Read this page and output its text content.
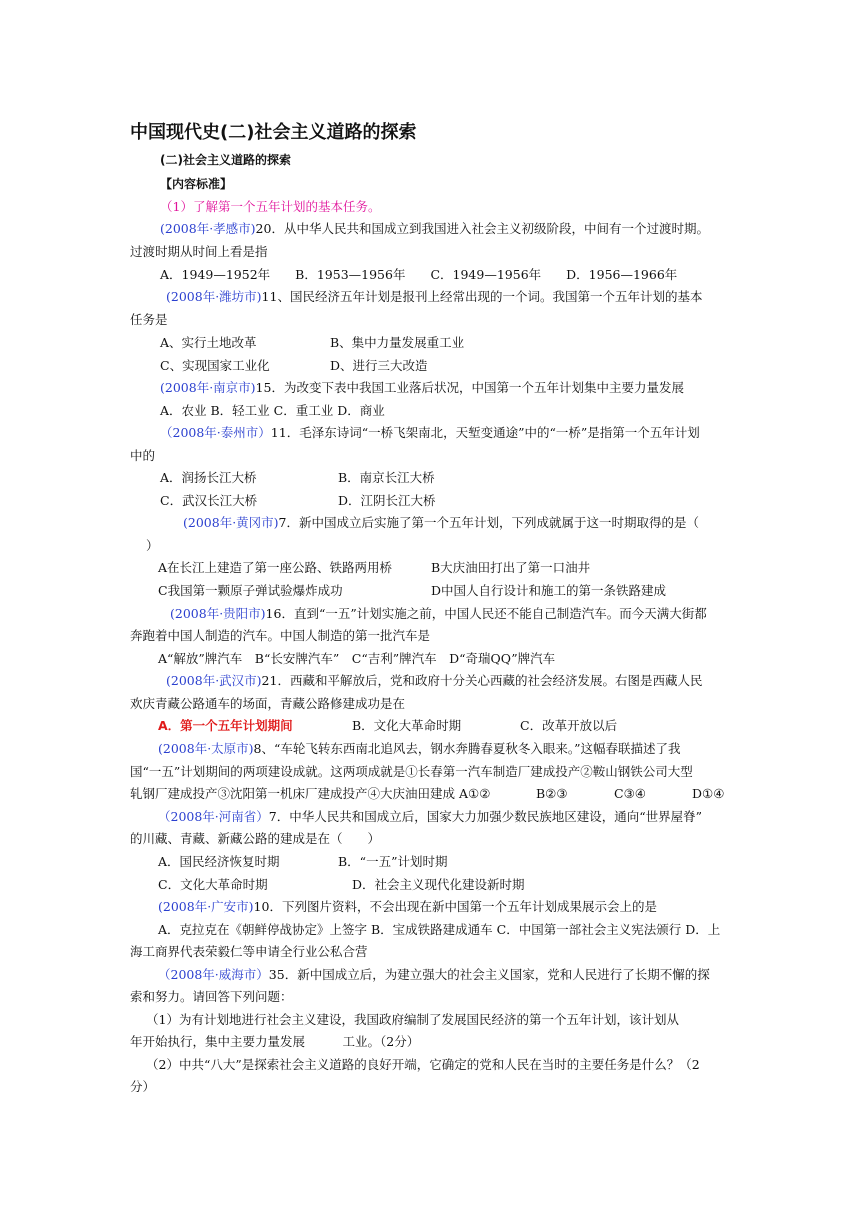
中国现代史(二)社会主义道路的探索
(二)社会主义道路的探索
【内容标准】
（1）了解第一个五年计划的基本任务。
(2008年·孝感市)20．从中华人民共和国成立到我国进入社会主义初级阶段，中间有一个过渡时期。
过渡时期从时间上看是指
A．1949—1952年　　B．1953—1956年　　C．1949—1956年　　D．1956—1966年
(2008年·潍坊市)11、国民经济五年计划是报刊上经常出现的一个词。我国第一个五年计划的基本
任务是
A、实行土地改革	B、集中力量发展重工业
C、实现国家工业化	D、进行三大改造
(2008年·南京市)15．为改变下表中我国工业落后状况，中国第一个五年计划集中主要力量发展
A．农业 B．轻工业 C．重工业 D．商业
（2008年·泰州市）11．毛泽东诗词“一桥飞架南北，天堑变通途”中的“一桥”是指第一个五年计划
中的
A．润扬长江大桥	B．南京长江大桥
C．武汉长江大桥	D．江阴长江大桥
(2008年·黄冈市)7．新中国成立后实施了第一个五年计划，下列成就属于这一时期取得的是（
）
A在长江上建造了第一座公路、铁路两用桥	B大庆油田打出了第一口油井
C我国第一颗原子弹试验爆炸成功	D中国人自行设计和施工的第一条铁路建成
(2008年·贵阳市)16．直到“一五”计划实施之前，中国人民还不能自己制造汽车。而今天满大街都
奔跑着中国人制造的汽车。中国人制造的第一批汽车是
A“解放”牌汽车　B“长安牌汽车”　C“吉利”牌汽车　D“奇瑞QQ”牌汽车
(2008年·武汉市)21．西藏和平解放后，党和政府十分关心西藏的社会经济发展。右图是西藏人民
欢庆青藏公路通车的场面，青藏公路修建成功是在
A．第一个五年计划期间	B．文化大革命时期	C．改革开放以后
(2008年·太原市)8、“车轮飞转东西南北追风去，钢水奔腾春夏秋冬入眼来。”这幅春联描述了我
国“一五”计划期间的两项建设成就。这两项成就是①长春第一汽车制造厂建成投产②鞍山钢铁公司大型
轧钢厂建成投产③沈阳第一机床厂建成投产④大庆油田建成 A①②	B②③	C③④	D①④
（2008年·河南省）7．中华人民共和国成立后，国家大力加强少数民族地区建设，通向“世界屋脊”
的川藏、青藏、新藏公路的建成是在（　　）
A．国民经济恢复时期	B．“一五”计划时期
C．文化大革命时期	D．社会主义现代化建设新时期
(2008年·广安市)10．下列图片资料，不会出现在新中国第一个五年计划成果展示会上的是
A．克拉克在《朝鲜停战协定》上签字 B．宝成铁路建成通车 C．中国第一部社会主义宪法颁行 D．上
海工商界代表荣毅仁等申请全行业公私合营
（2008年·威海市）35．新中国成立后，为建立强大的社会主义国家，党和人民进行了长期不懈的探
索和努力。请回答下列问题：
（1）为有计划地进行社会主义建设，我国政府编制了发展国民经济的第一个五年计划，该计划从
年开始执行，集中主要力量发展　　　工业。（2分）
（2）中共“八大”是探索社会主义道路的良好开端，它确定的党和人民在当时的主要任务是什么？（2
分）
